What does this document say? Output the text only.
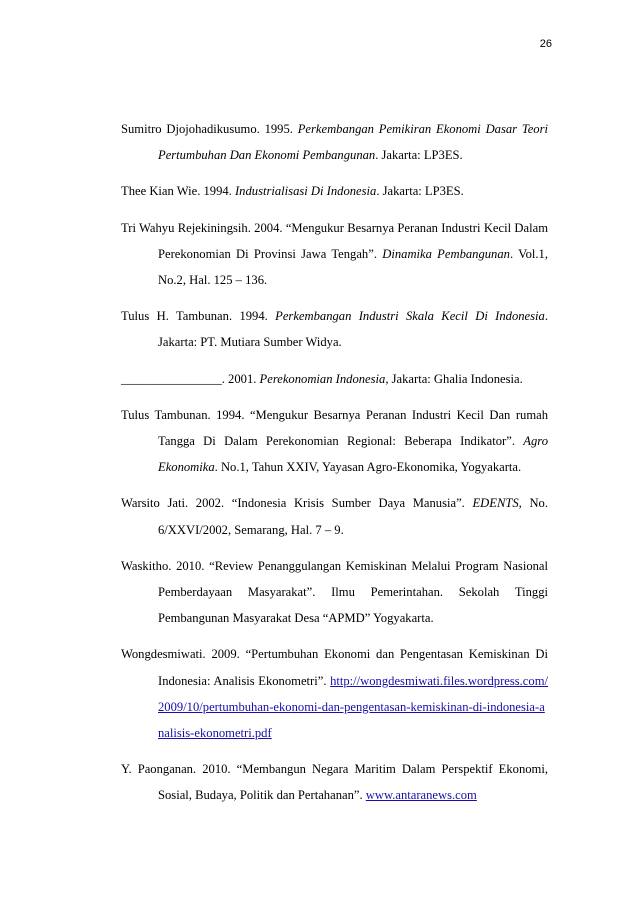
26

Sumitro Djojohadikusumo. 1995. Perkembangan Pemikiran Ekonomi Dasar Teori Pertumbuhan Dan Ekonomi Pembangunan. Jakarta: LP3ES.

Thee Kian Wie. 1994. Industrialisasi Di Indonesia. Jakarta: LP3ES.

Tri Wahyu Rejekiningsih. 2004. “Mengukur Besarnya Peranan Industri Kecil Dalam Perekonomian Di Provinsi Jawa Tengah”. Dinamika Pembangunan. Vol.1, No.2, Hal. 125 – 136.

Tulus H. Tambunan. 1994. Perkembangan Industri Skala Kecil Di Indonesia. Jakarta: PT. Mutiara Sumber Widya.

________________. 2001. Perekonomian Indonesia, Jakarta: Ghalia Indonesia.

Tulus Tambunan. 1994. “Mengukur Besarnya Peranan Industri Kecil Dan rumah Tangga Di Dalam Perekonomian Regional: Beberapa Indikator”. Agro Ekonomika. No.1, Tahun XXIV, Yayasan Agro-Ekonomika, Yogyakarta.

Warsito Jati. 2002. “Indonesia Krisis Sumber Daya Manusia”. EDENTS, No. 6/XXVI/2002, Semarang, Hal. 7 – 9.

Waskitho. 2010. “Review Penanggulangan Kemiskinan Melalui Program Nasional Pemberdayaan Masyarakat”. Ilmu Pemerintahan. Sekolah Tinggi Pembangunan Masyarakat Desa “APMD” Yogyakarta.

Wongdesmiwati. 2009. “Pertumbuhan Ekonomi dan Pengentasan Kemiskinan Di Indonesia: Analisis Ekonometri”. http://wongdesmiwati.files.wordpress.com/2009/10/pertumbuhan-ekonomi-dan-pengentasan-kemiskinan-di-indonesia-analisis-ekonometri.pdf

Y. Paonganan. 2010. “Membangun Negara Maritim Dalam Perspektif Ekonomi, Sosial, Budaya, Politik dan Pertahanan”. www.antaranews.com
